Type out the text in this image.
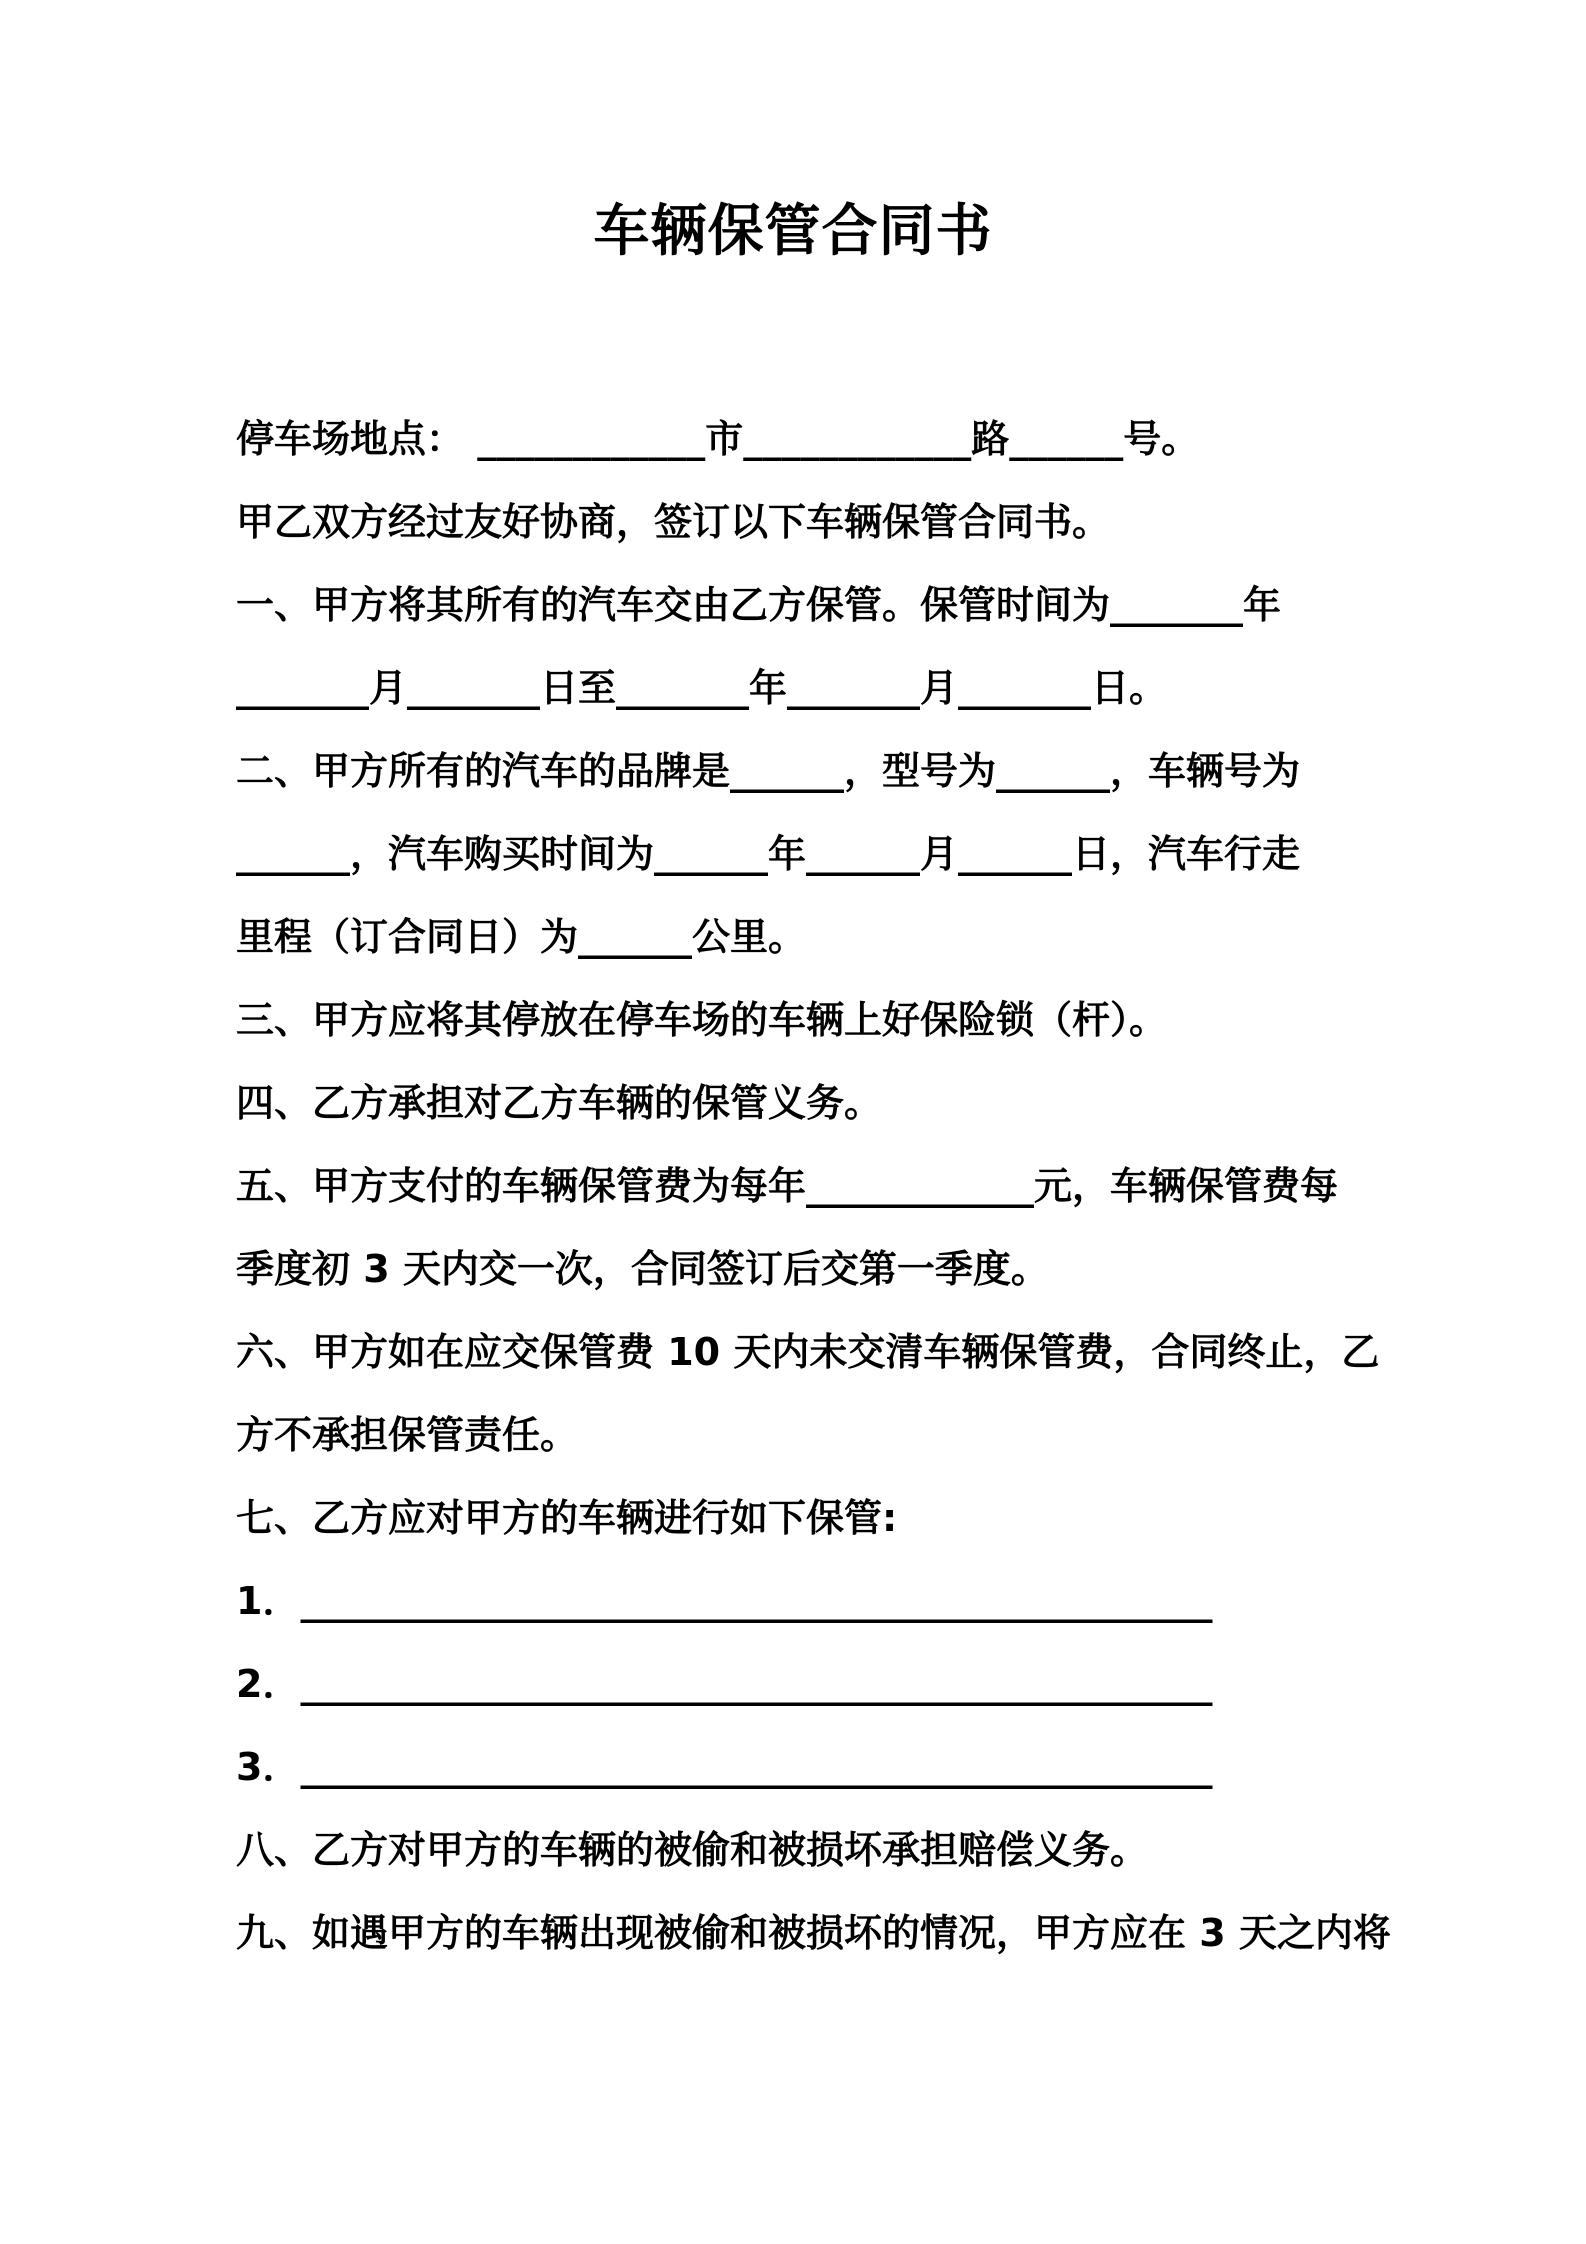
车辆保管合同书
停车场地点： ____________市____________路______号。
甲乙双方经过友好协商，签订以下车辆保管合同书。
一、甲方将其所有的汽车交由乙方保管。保管时间为_______年
_______月_______日至_______年_______月_______日。
二、甲方所有的汽车的品牌是______，型号为______，车辆号为
______，汽车购买时间为______年______月______日，汽车行走
里程（订合同日）为______公里。
三、甲方应将其停放在停车场的车辆上好保险锁（杆）。
四、乙方承担对乙方车辆的保管义务。
五、甲方支付的车辆保管费为每年____________元，车辆保管费每
季度初 3 天内交一次，合同签订后交第一季度。
六、甲方如在应交保管费 10 天内未交清车辆保管费，合同终止，乙
方不承担保管责任。
七、乙方应对甲方的车辆进行如下保管:
1．________________________________________________
2．________________________________________________
3．________________________________________________
八、乙方对甲方的车辆的被偷和被损坏承担赔偿义务。
九、如遇甲方的车辆出现被偷和被损坏的情况，甲方应在 3 天之内将
